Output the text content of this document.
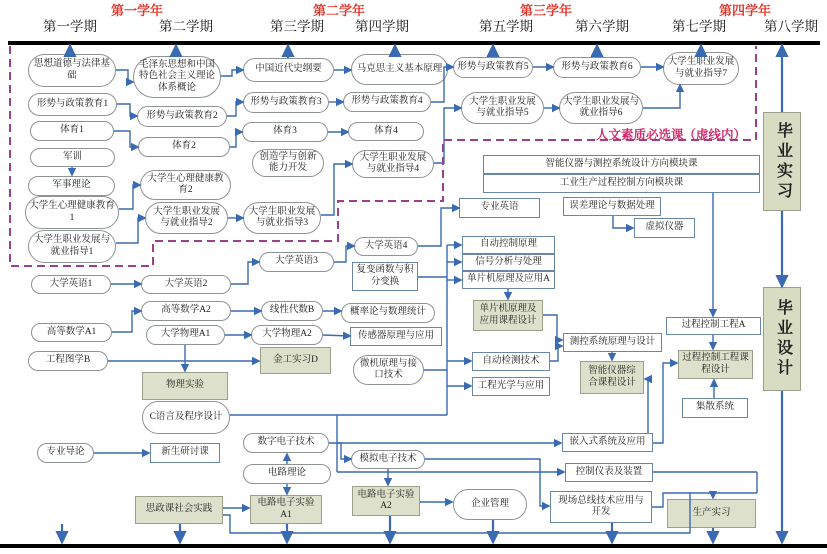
第一学年	第二学年	第三学年	第四学年
第一学期	第二学期	第三学期 第四学期	第五学期	第六学期	第七学期	第八学期
人文素质必选课（虚线内）
思想道德与法律基础
毛泽东思想和中国特色社会主义理论体系概论
中国近代史纲要	马克思主义基本原理	形势与政策教育5	形势与政策教育6	大学生职业发展与就业指导7
形势与政策教育1
形势与政策教育2
形势与政策教育3	形势与政策教育4	大学生职业发展与就业指导5
大学生职业发展与就业指导6
体育1
体育2
体育3	体育4
军训	创造学与创新能力开发
军事理论
大学生心理健康教育2
大学生心理健康教育1
大学生职业发展与就业指导2
大学生职业发展与就业指导3
大学生职业发展与就业指导4
大学生职业发展与就业指导1
大学英语1	大学英语2
大学英语3
大学英语4
复变函数与积分变换
高等数学A1
高等数学A2	线性代数B	概率论与数理统计
大学物理A1	大学物理A2	传感器原理与应用
工程图学B	金工实习D
物理实验
微机原理与接口技术
C语言及程序设计
专业导论	新生研讨课
数字电子技术
电路理论
模拟电子技术
思政课社会实践
电路电子实验A1
电路电子实验A2	企业管理
专业英语	误差理论与数据处理
虚拟仪器
智能仪器与测控系统设计方向模块课
工业生产过程控制方向模块课
自动控制原理
信号分析与处理
单片机原理及应用A
单片机原理及应用课程设计
测控系统原理与设计
自动检测技术
工程光学与应用
智能仪器综合课程设计
过程控制工程A
过程控制工程课程设计
集散系统
嵌入式系统及应用
控制仪表及装置
现场总线技术应用与开发	生产实习
毕业实习
毕业设计
